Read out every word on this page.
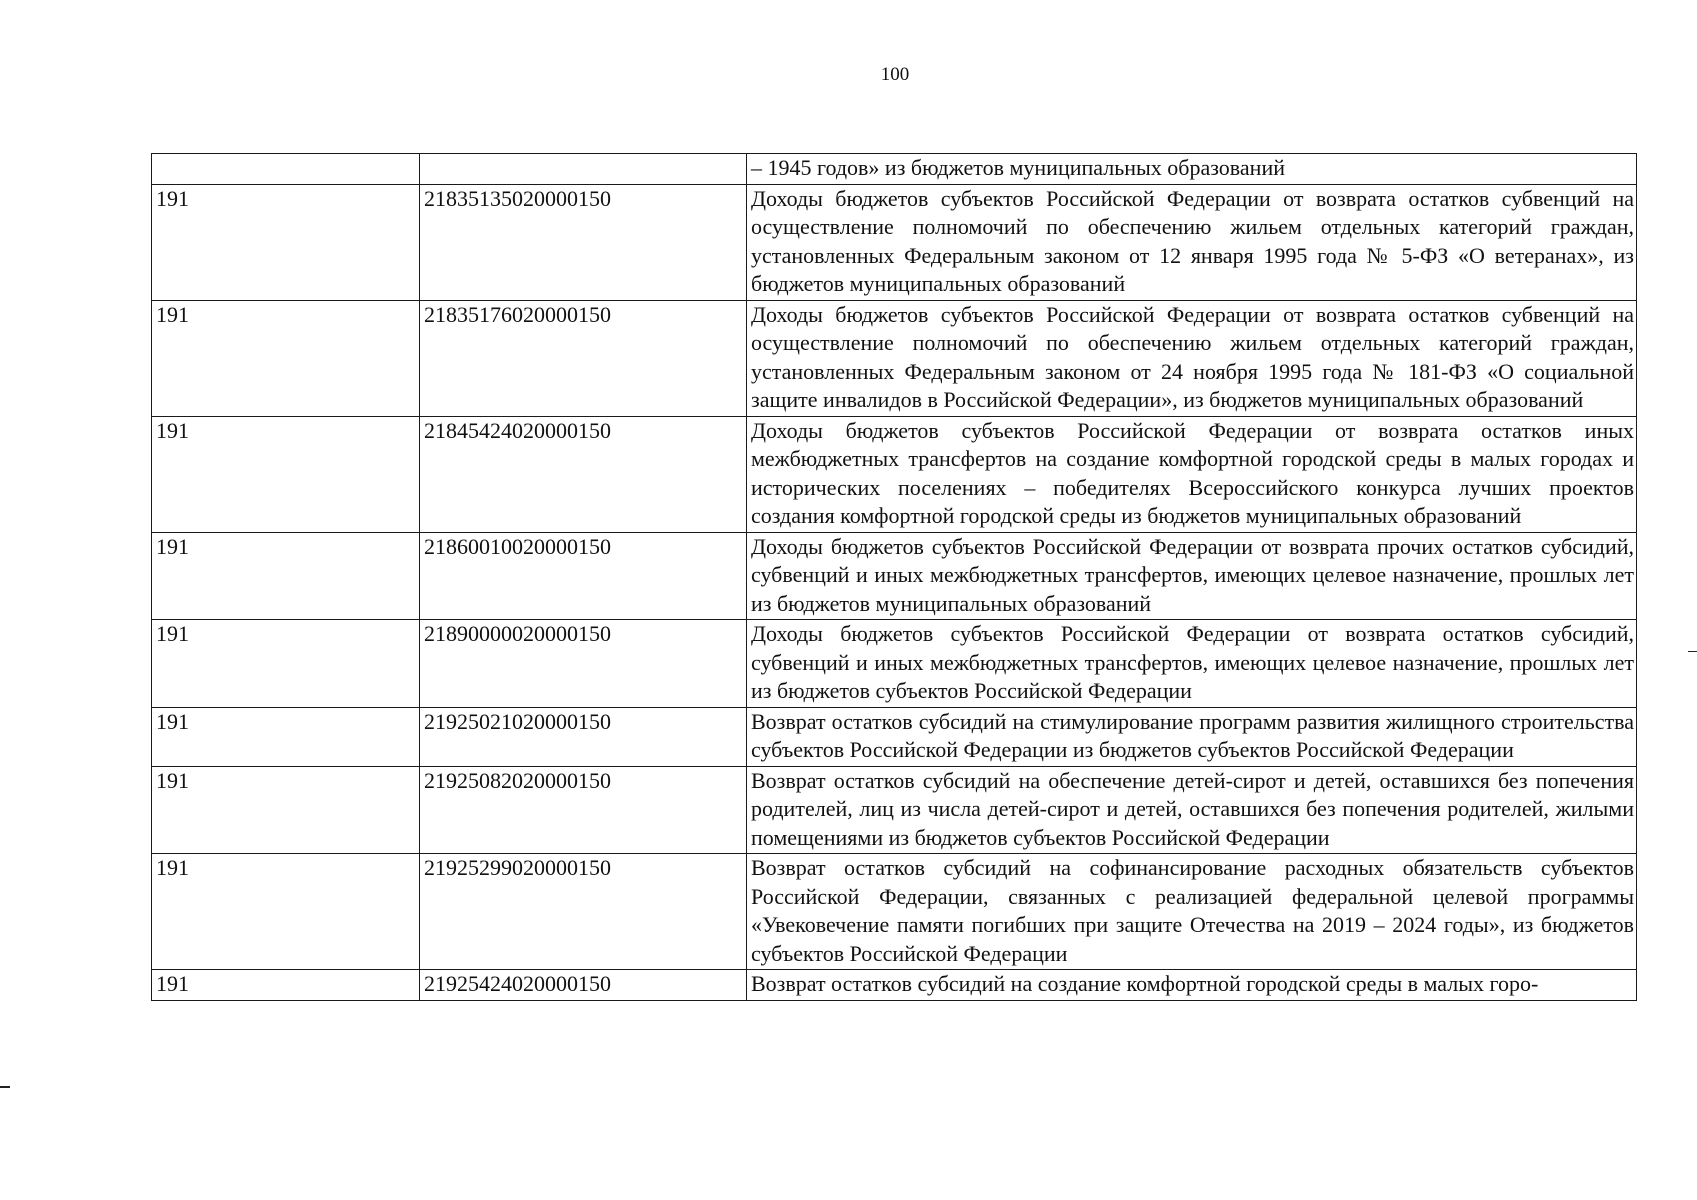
100
		– 1945 годов» из бюджетов муниципальных образований
191	21835135020000150	Доходы бюджетов субъектов Российской Федерации от возврата остатков субвенций на осуществление полномочий по обеспечению жильем отдельных категорий граждан, установленных Федеральным законом от 12 января 1995 года № 5-ФЗ «О ветеранах», из бюджетов муниципальных образований
191	21835176020000150	Доходы бюджетов субъектов Российской Федерации от возврата остатков субвенций на осуществление полномочий по обеспечению жильем отдельных категорий граждан, установленных Федеральным законом от 24 ноября 1995 года № 181-ФЗ «О социальной защите инвалидов в Российской Федерации», из бюджетов муниципальных образований
191	21845424020000150	Доходы бюджетов субъектов Российской Федерации от возврата остатков иных межбюджетных трансфертов на создание комфортной городской среды в малых городах и исторических поселениях – победителях Всероссийского конкурса лучших проектов создания комфортной городской среды из бюджетов муниципальных образований
191	21860010020000150	Доходы бюджетов субъектов Российской Федерации от возврата прочих остатков субсидий, субвенций и иных межбюджетных трансфертов, имеющих целевое назначение, прошлых лет из бюджетов муниципальных образований
191	21890000020000150	Доходы бюджетов субъектов Российской Федерации от возврата остатков субсидий, субвенций и иных межбюджетных трансфертов, имеющих целевое назначение, прошлых лет из бюджетов субъектов Российской Федерации
191	21925021020000150	Возврат остатков субсидий на стимулирование программ развития жилищного строительства субъектов Российской Федерации из бюджетов субъектов Российской Федерации
191	21925082020000150	Возврат остатков субсидий на обеспечение детей-сирот и детей, оставшихся без попечения родителей, лиц из числа детей-сирот и детей, оставшихся без попечения родителей, жилыми помещениями из бюджетов субъектов Российской Федерации
191	21925299020000150	Возврат остатков субсидий на софинансирование расходных обязательств субъектов Российской Федерации, связанных с реализацией федеральной целевой программы «Увековечение памяти погибших при защите Отечества на 2019 – 2024 годы», из бюджетов субъектов Российской Федерации
191	21925424020000150	Возврат остатков субсидий на создание комфортной городской среды в малых горо-
